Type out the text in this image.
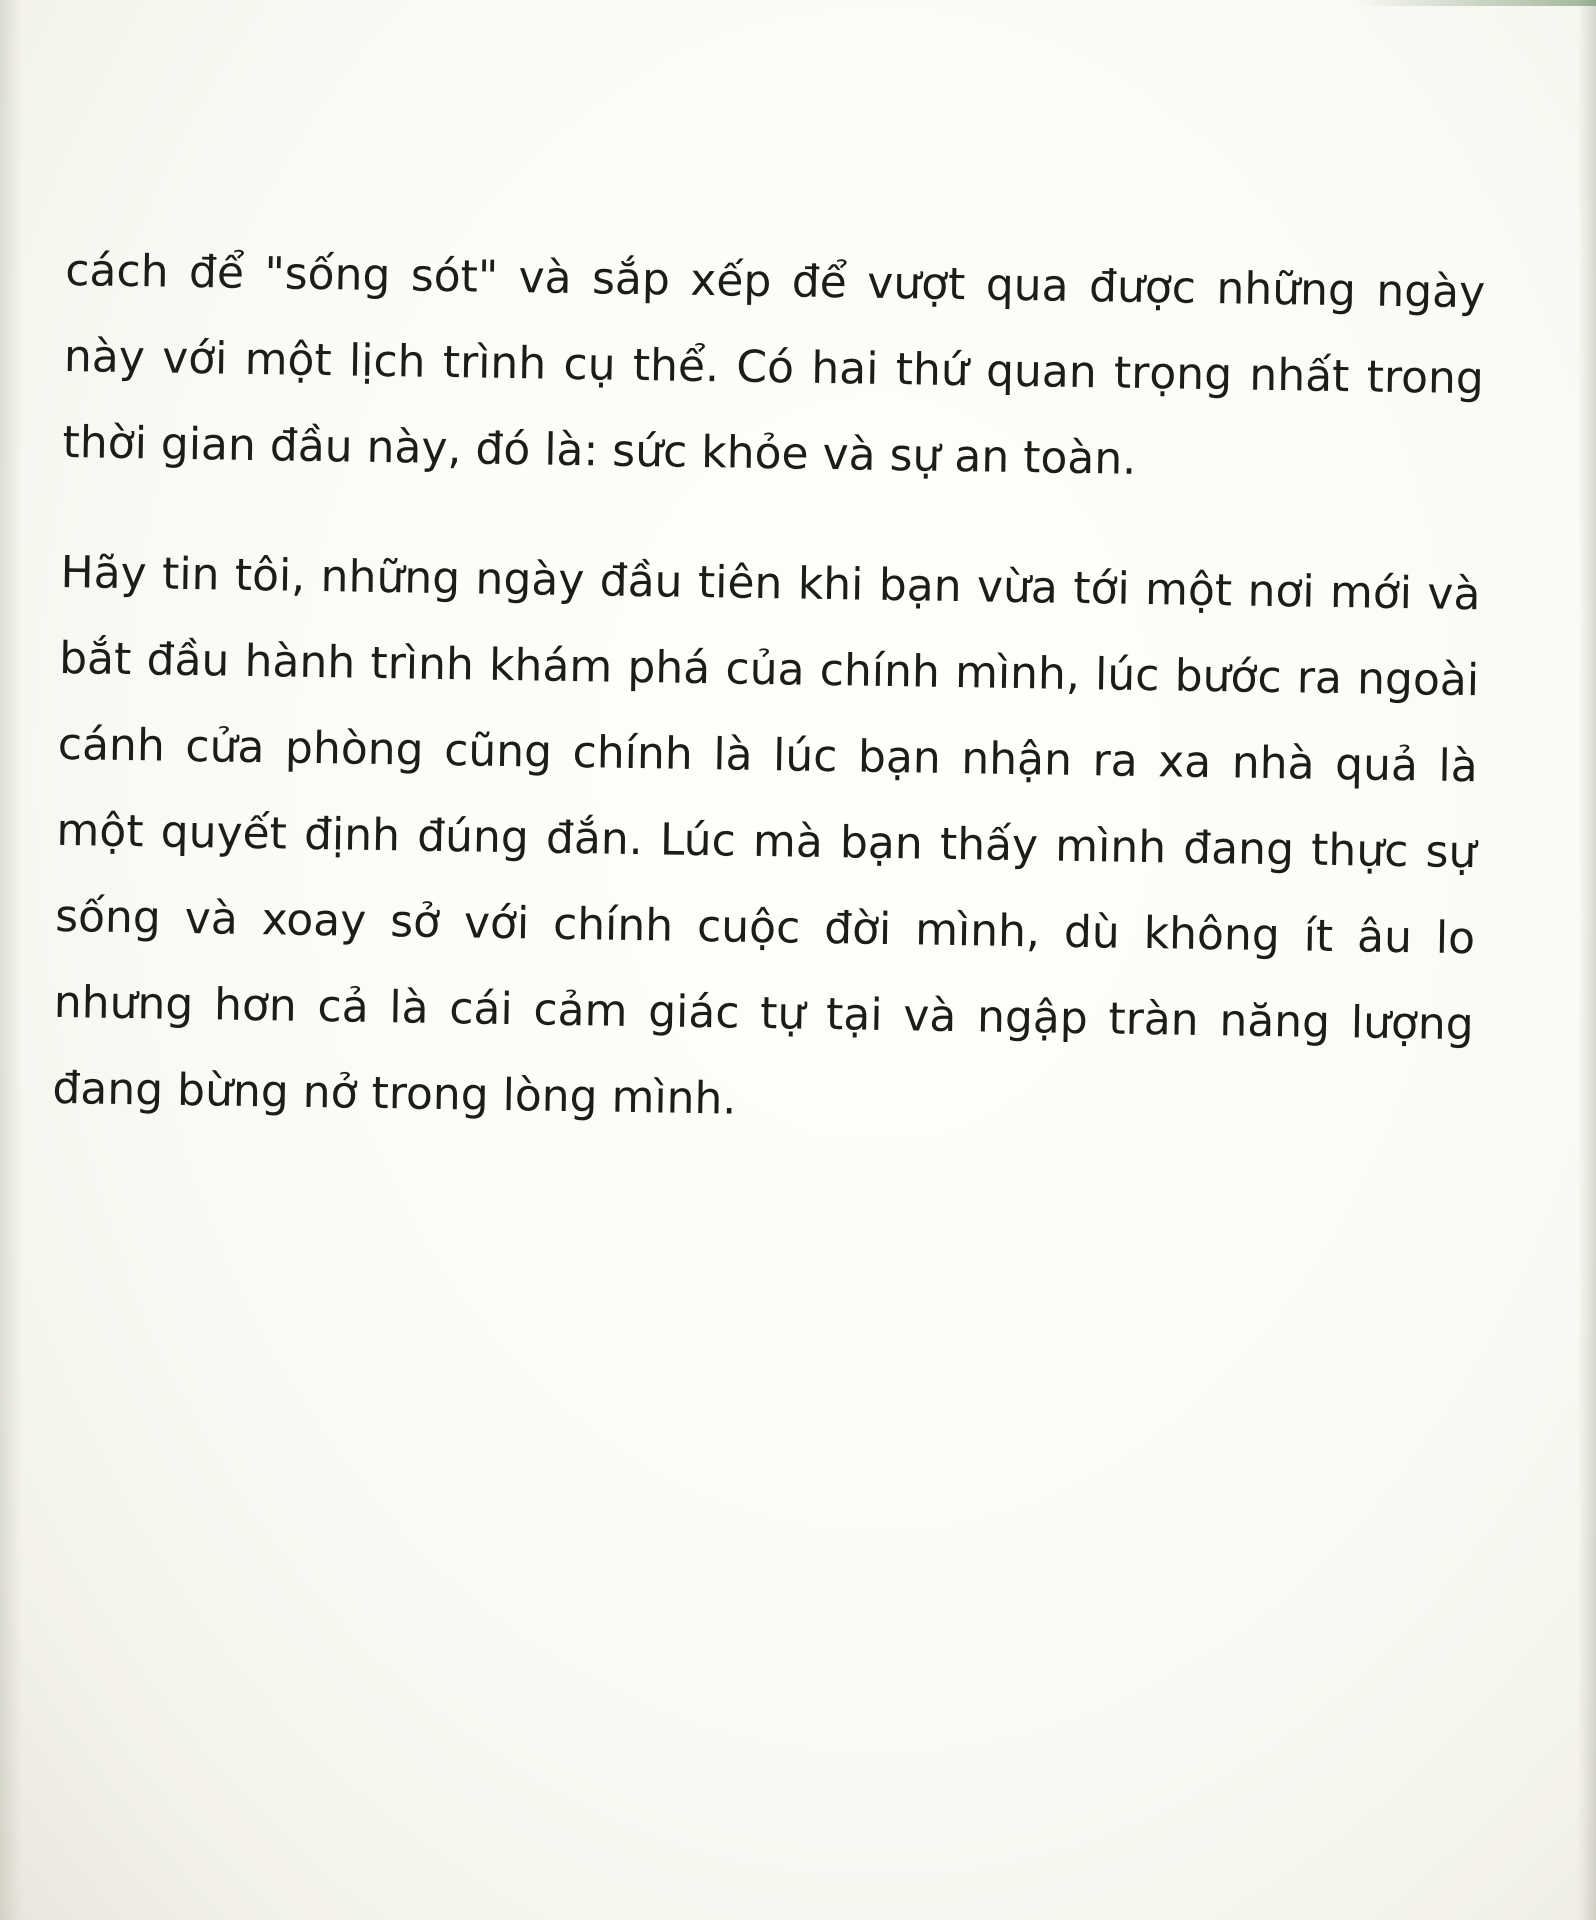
cách để "sống sót" và sắp xếp để vượt qua được những ngày này với một lịch trình cụ thể. Có hai thứ quan trọng nhất trong thời gian đầu này, đó là: sức khỏe và sự an toàn.

Hãy tin tôi, những ngày đầu tiên khi bạn vừa tới một nơi mới và bắt đầu hành trình khám phá của chính mình, lúc bước ra ngoài cánh cửa phòng cũng chính là lúc bạn nhận ra xa nhà quả là một quyết định đúng đắn. Lúc mà bạn thấy mình đang thực sự sống và xoay sở với chính cuộc đời mình, dù không ít âu lo nhưng hơn cả là cái cảm giác tự tại và ngập tràn năng lượng đang bừng nở trong lòng mình.
